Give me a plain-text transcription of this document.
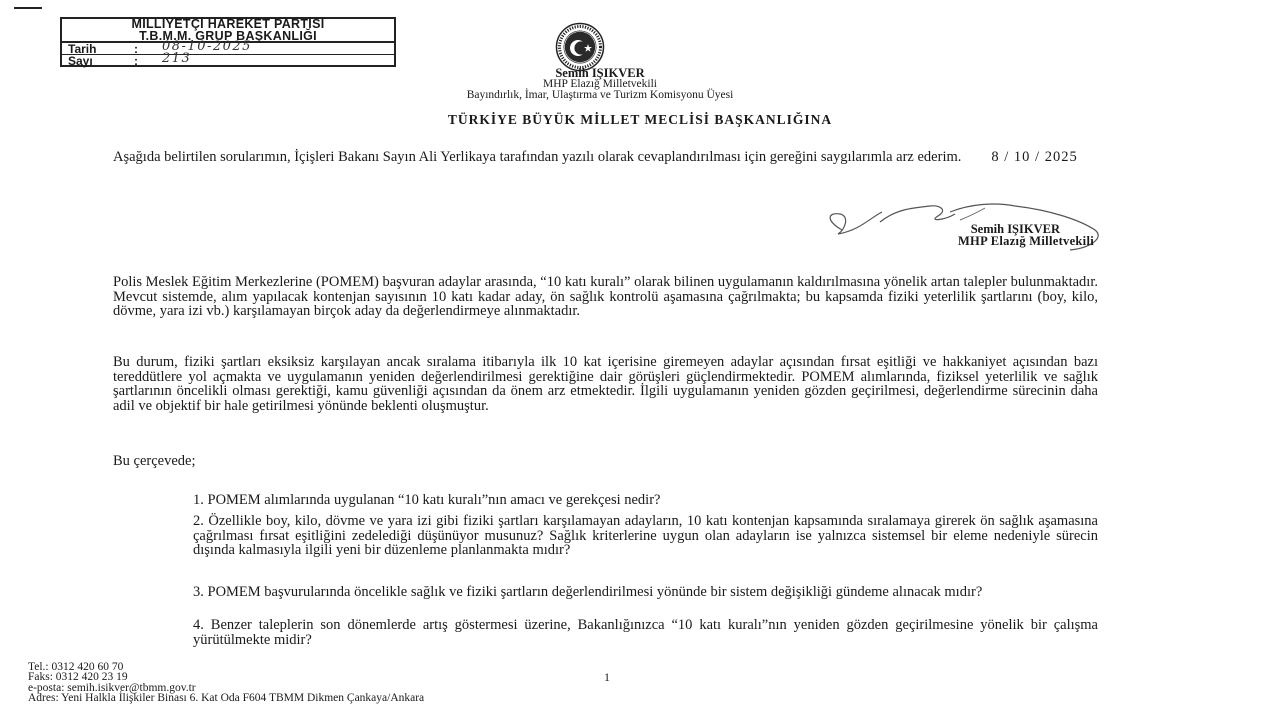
MİLLİYETÇİ HAREKET PARTİSİ
T.B.M.M. GRUP BAŞKANLIĞI
Tarih	: 08-10-2025
Sayı	: 213
Semih IŞIKVER
MHP Elazığ Milletvekili
Bayındırlık, İmar, Ulaştırma ve Turizm Komisyonu Üyesi
TÜRKİYE BÜYÜK MİLLET MECLİSİ BAŞKANLIĞINA
Aşağıda belirtilen sorularımın, İçişleri Bakanı Sayın Ali Yerlikaya tarafından yazılı olarak cevaplandırılması için gereğini saygılarımla arz ederim. 8 / 10 / 2025
Semih IŞIKVER
MHP Elazığ Milletvekili
Polis Meslek Eğitim Merkezlerine (POMEM) başvuran adaylar arasında, “10 katı kuralı” olarak bilinen uygulamanın kaldırılmasına yönelik artan talepler bulunmaktadır. Mevcut sistemde, alım yapılacak kontenjan sayısının 10 katı kadar aday, ön sağlık kontrolü aşamasına çağrılmakta; bu kapsamda fiziki yeterlilik şartlarını (boy, kilo, dövme, yara izi vb.) karşılamayan birçok aday da değerlendirmeye alınmaktadır.
Bu durum, fiziki şartları eksiksiz karşılayan ancak sıralama itibarıyla ilk 10 kat içerisine giremeyen adaylar açısından fırsat eşitliği ve hakkaniyet açısından bazı tereddütlere yol açmakta ve uygulamanın yeniden değerlendirilmesi gerektiğine dair görüşleri güçlendirmektedir. POMEM alımlarında, fiziksel yeterlilik ve sağlık şartlarının öncelikli olması gerektiği, kamu güvenliği açısından da önem arz etmektedir. İlgili uygulamanın yeniden gözden geçirilmesi, değerlendirme sürecinin daha adil ve objektif bir hale getirilmesi yönünde beklenti oluşmuştur.
Bu çerçevede;
1. POMEM alımlarında uygulanan “10 katı kuralı”nın amacı ve gerekçesi nedir?
2. Özellikle boy, kilo, dövme ve yara izi gibi fiziki şartları karşılamayan adayların, 10 katı kontenjan kapsamında sıralamaya girerek ön sağlık aşamasına çağrılması fırsat eşitliğini zedelediği düşünüyor musunuz? Sağlık kriterlerine uygun olan adayların ise yalnızca sistemsel bir eleme nedeniyle sürecin dışında kalmasıyla ilgili yeni bir düzenleme planlanmakta mıdır?
3. POMEM başvurularında öncelikle sağlık ve fiziki şartların değerlendirilmesi yönünde bir sistem değişikliği gündeme alınacak mıdır?
4. Benzer taleplerin son dönemlerde artış göstermesi üzerine, Bakanlığınızca “10 katı kuralı”nın yeniden gözden geçirilmesine yönelik bir çalışma yürütülmekte midir?
Tel.: 0312 420 60 70
Faks: 0312 420 23 19
e-posta: semih.isikver@tbmm.gov.tr
Adres: Yeni Halkla İlişkiler Binası 6. Kat Oda F604 TBMM Dikmen Çankaya/Ankara
1
